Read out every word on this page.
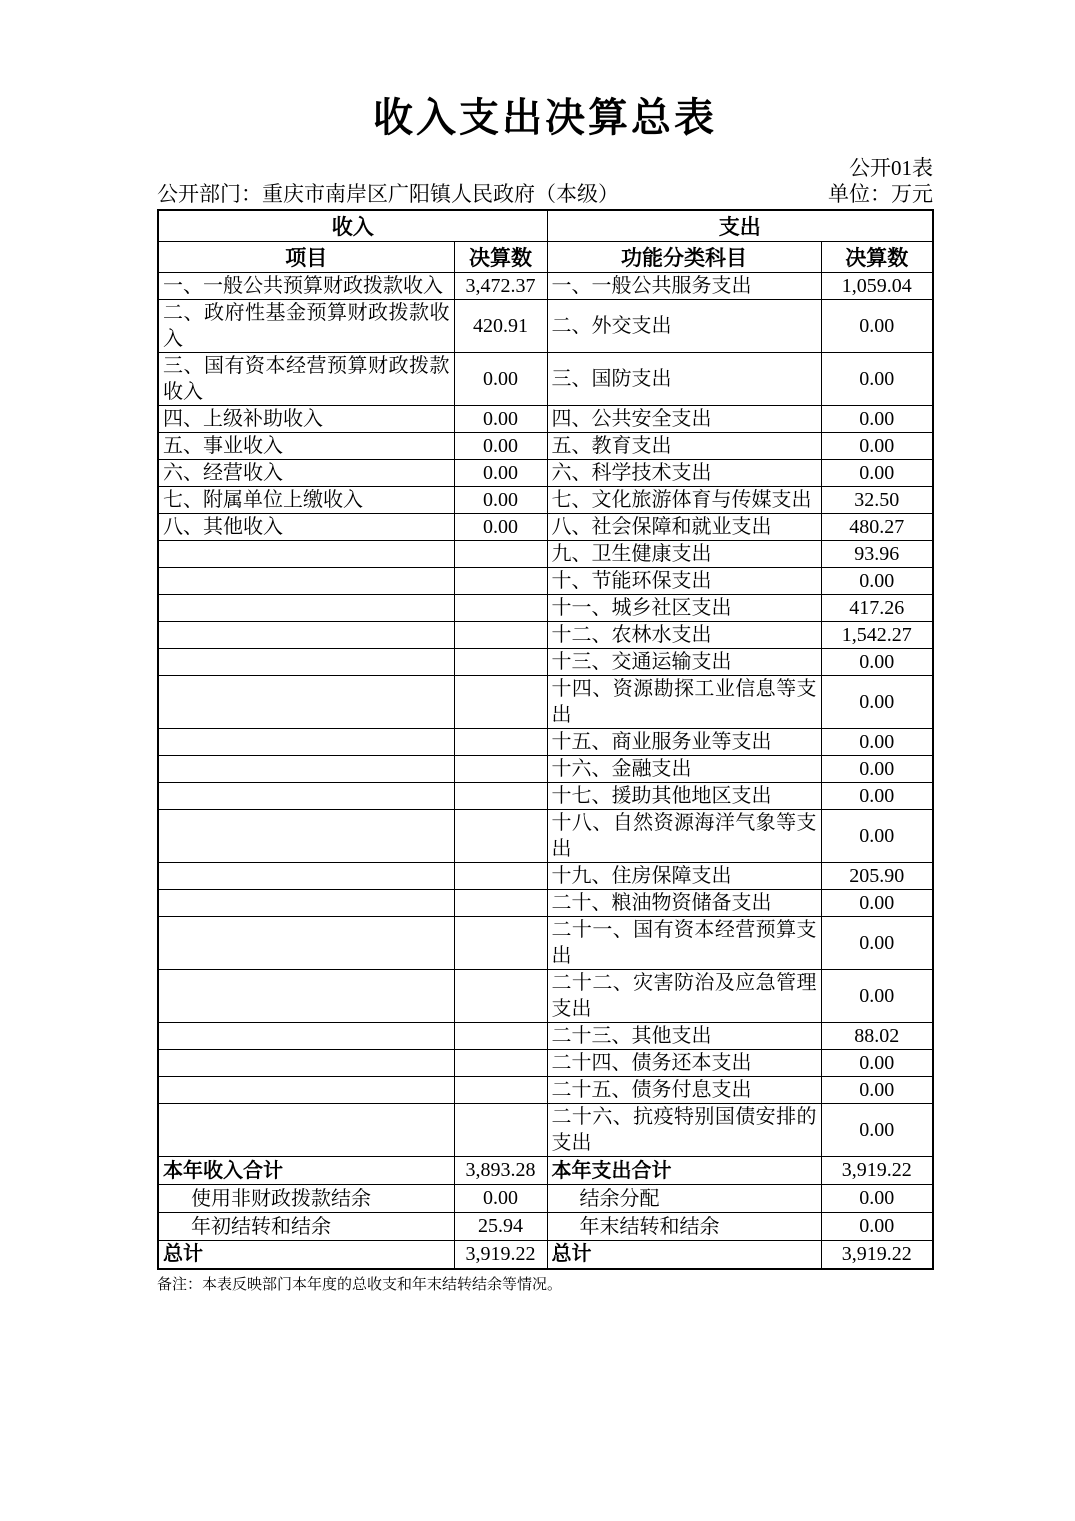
收入支出决算总表
公开01表
公开部门：重庆市南岸区广阳镇人民政府（本级）	单位：万元
收入		支出	
项目	决算数	功能分类科目	决算数
一、一般公共预算财政拨款收入	3,472.37	一、一般公共服务支出	1,059.04
二、政府性基金预算财政拨款收入	420.91	二、外交支出	0.00
三、国有资本经营预算财政拨款收入	0.00	三、国防支出	0.00
四、上级补助收入	0.00	四、公共安全支出	0.00
五、事业收入	0.00	五、教育支出	0.00
六、经营收入	0.00	六、科学技术支出	0.00
七、附属单位上缴收入	0.00	七、文化旅游体育与传媒支出	32.50
八、其他收入	0.00	八、社会保障和就业支出	480.27
		九、卫生健康支出	93.96
		十、节能环保支出	0.00
		十一、城乡社区支出	417.26
		十二、农林水支出	1,542.27
		十三、交通运输支出	0.00
		十四、资源勘探工业信息等支出	0.00
		十五、商业服务业等支出	0.00
		十六、金融支出	0.00
		十七、援助其他地区支出	0.00
		十八、自然资源海洋气象等支出	0.00
		十九、住房保障支出	205.90
		二十、粮油物资储备支出	0.00
		二十一、国有资本经营预算支出	0.00
		二十二、灾害防治及应急管理支出	0.00
		二十三、其他支出	88.02
		二十四、债务还本支出	0.00
		二十五、债务付息支出	0.00
		二十六、抗疫特别国债安排的支出	0.00
本年收入合计	3,893.28	本年支出合计	3,919.22
使用非财政拨款结余	0.00	结余分配	0.00
年初结转和结余	25.94	年末结转和结余	0.00
总计	3,919.22	总计	3,919.22
备注：本表反映部门本年度的总收支和年末结转结余等情况。
